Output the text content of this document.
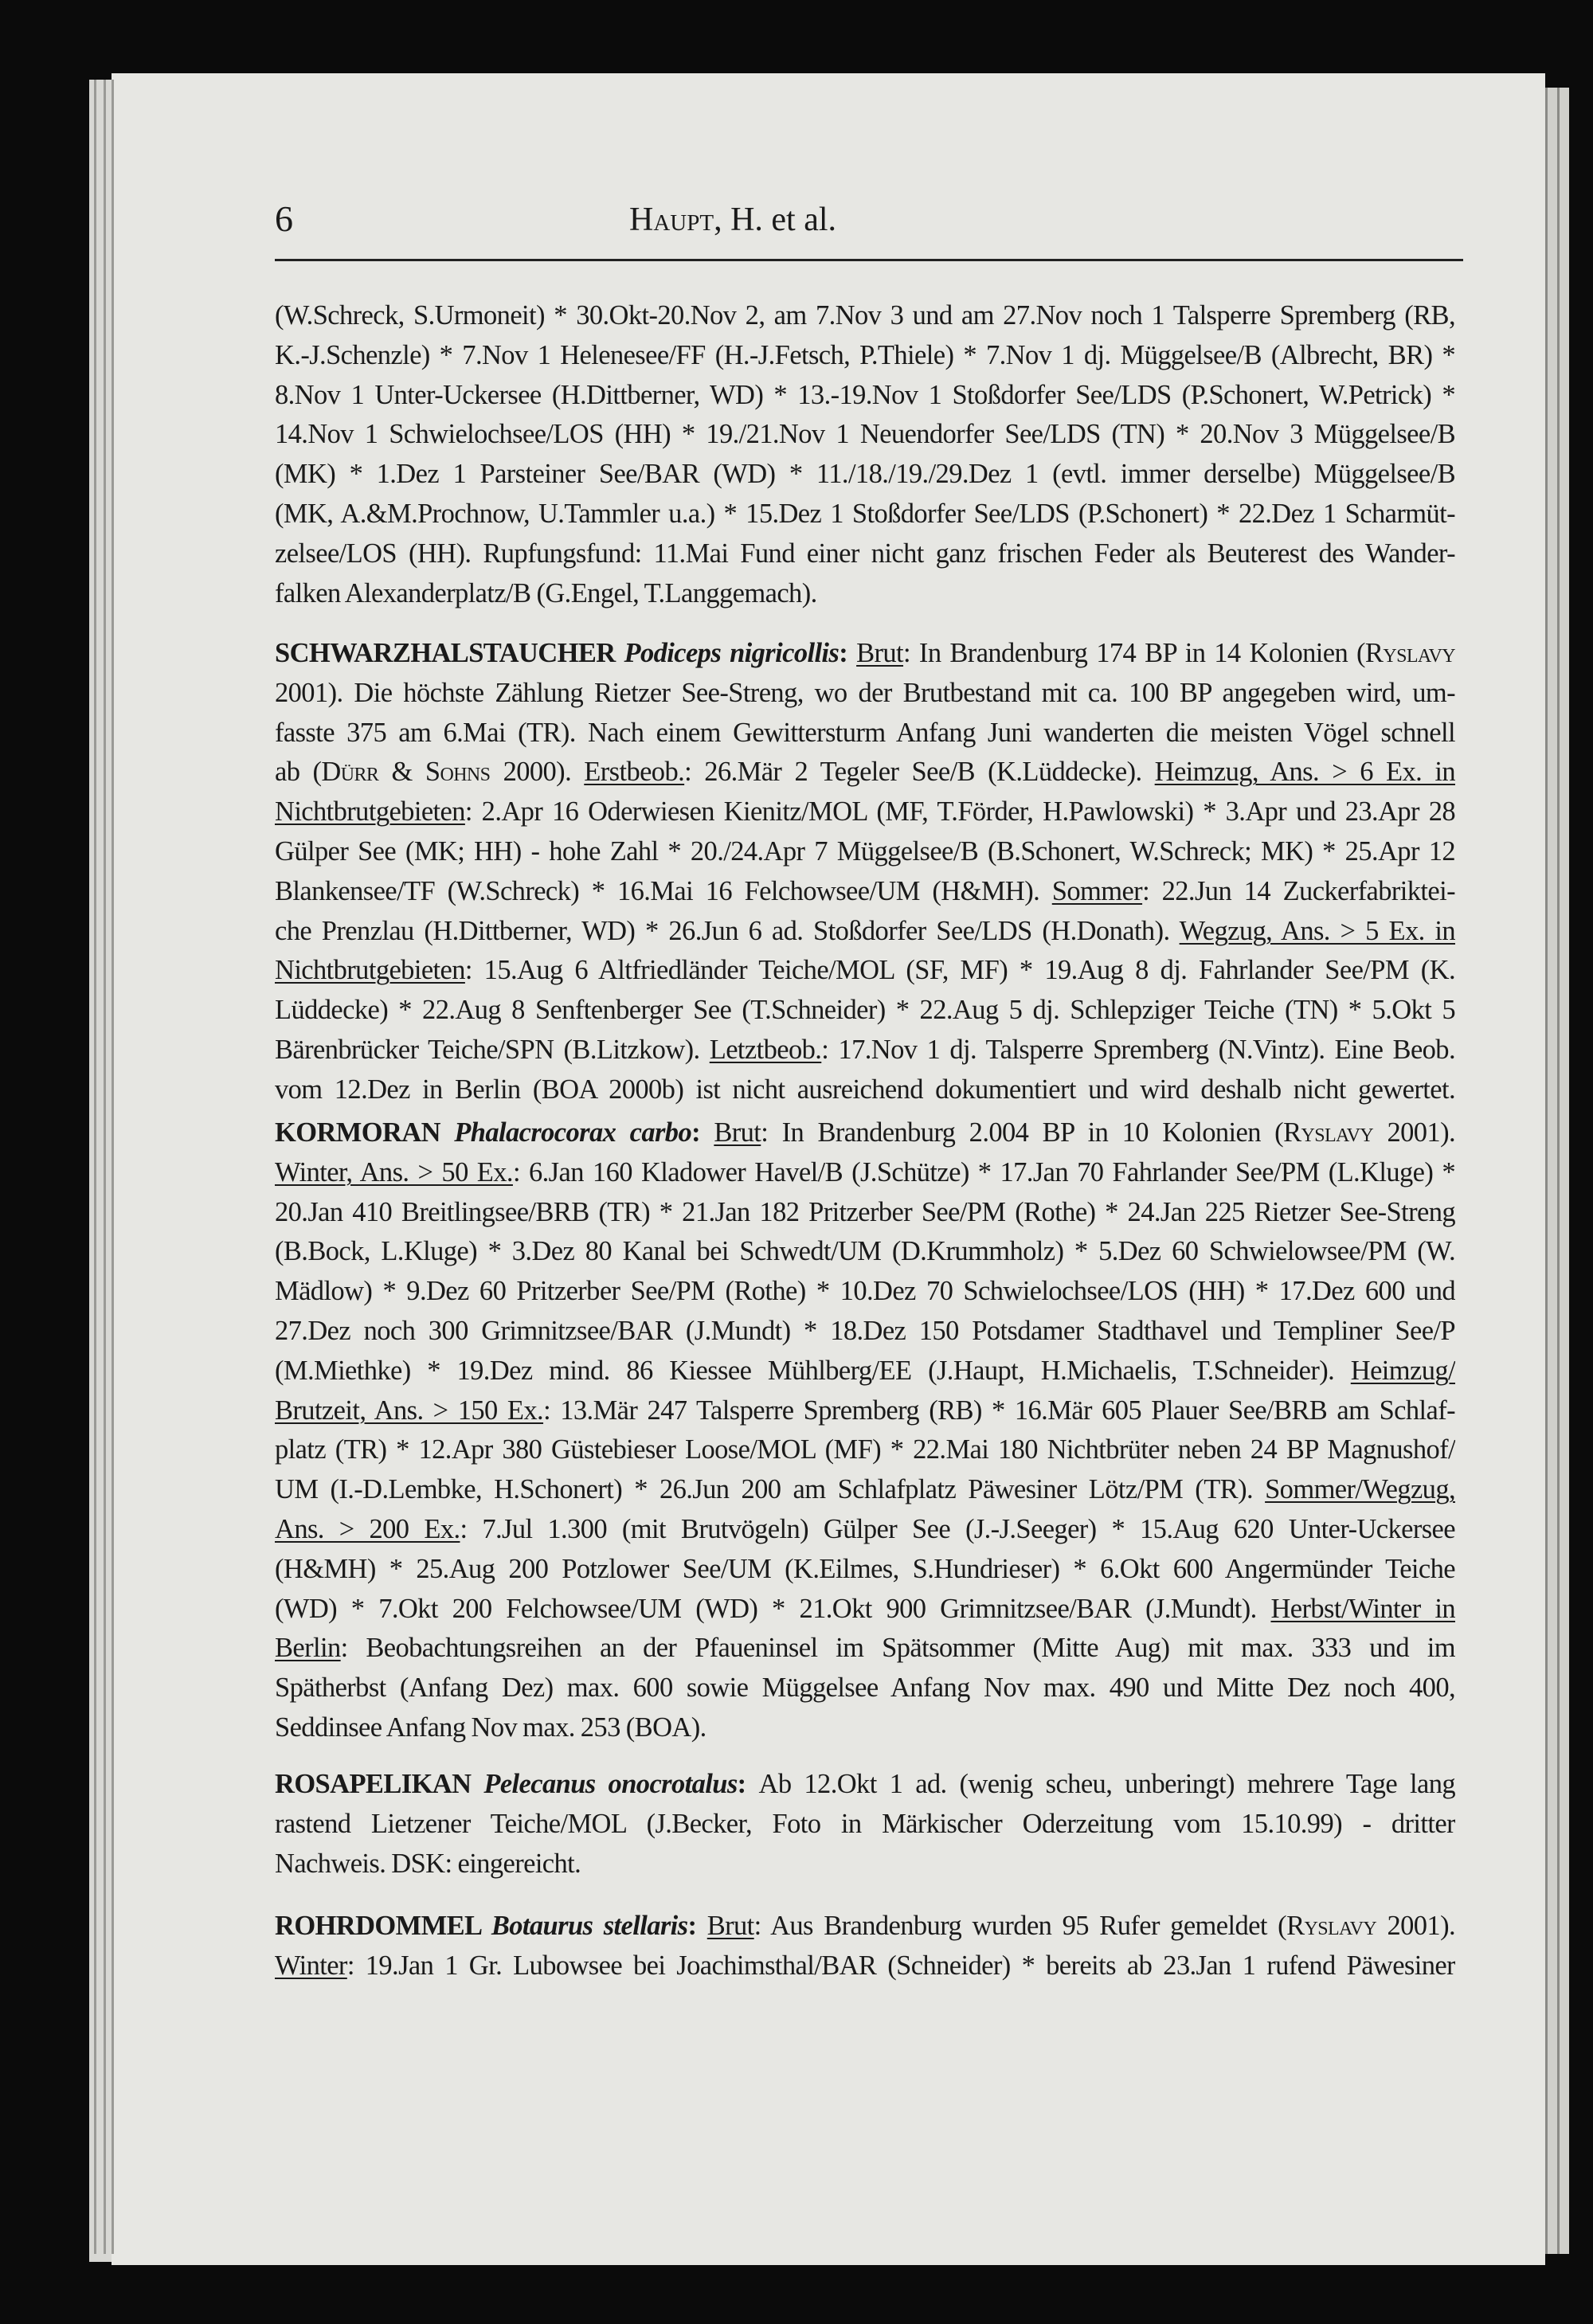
6	Haupt, H. et al.
(W.Schreck, S.Urmoneit) * 30.Okt-20.Nov 2, am 7.Nov 3 und am 27.Nov noch 1 Talsperre Spremberg (RB,
K.-J.Schenzle) * 7.Nov 1 Helenesee/FF (H.-J.Fetsch, P.Thiele) * 7.Nov 1 dj. Müggelsee/B (Albrecht, BR) *
8.Nov 1 Unter-Uckersee (H.Dittberner, WD) * 13.-19.Nov 1 Stoßdorfer See/LDS (P.Schonert, W.Petrick) *
14.Nov 1 Schwielochsee/LOS (HH) * 19./21.Nov 1 Neuendorfer See/LDS (TN) * 20.Nov 3 Müggelsee/B
(MK) * 1.Dez 1 Parsteiner See/BAR (WD) * 11./18./19./29.Dez 1 (evtl. immer derselbe) Müggelsee/B
(MK, A.&M.Prochnow, U.Tammler u.a.) * 15.Dez 1 Stoßdorfer See/LDS (P.Schonert) * 22.Dez 1 Scharmüt-
zelsee/LOS (HH). Rupfungsfund: 11.Mai Fund einer nicht ganz frischen Feder als Beuterest des Wander-
falken Alexanderplatz/B (G.Engel, T.Langgemach).
SCHWARZHALSTAUCHER Podiceps nigricollis: Brut: In Brandenburg 174 BP in 14 Kolonien (Ryslavy
2001). Die höchste Zählung Rietzer See-Streng, wo der Brutbestand mit ca. 100 BP angegeben wird, um-
fasste 375 am 6.Mai (TR). Nach einem Gewittersturm Anfang Juni wanderten die meisten Vögel schnell
ab (Dürr & Sohns 2000). Erstbeob.: 26.Mär 2 Tegeler See/B (K.Lüddecke). Heimzug, Ans. > 6 Ex. in
Nichtbrutgebieten: 2.Apr 16 Oderwiesen Kienitz/MOL (MF, T.Förder, H.Pawlowski) * 3.Apr und 23.Apr 28
Gülper See (MK; HH) - hohe Zahl * 20./24.Apr 7 Müggelsee/B (B.Schonert, W.Schreck; MK) * 25.Apr 12
Blankensee/TF (W.Schreck) * 16.Mai 16 Felchowsee/UM (H&MH). Sommer: 22.Jun 14 Zuckerfabriktei-
che Prenzlau (H.Dittberner, WD) * 26.Jun 6 ad. Stoßdorfer See/LDS (H.Donath). Wegzug, Ans. > 5 Ex. in
Nichtbrutgebieten: 15.Aug 6 Altfriedländer Teiche/MOL (SF, MF) * 19.Aug 8 dj. Fahrlander See/PM (K.
Lüddecke) * 22.Aug 8 Senftenberger See (T.Schneider) * 22.Aug 5 dj. Schlepziger Teiche (TN) * 5.Okt 5
Bärenbrücker Teiche/SPN (B.Litzkow). Letztbeob.: 17.Nov 1 dj. Talsperre Spremberg (N.Vintz). Eine Beob.
vom 12.Dez in Berlin (BOA 2000b) ist nicht ausreichend dokumentiert und wird deshalb nicht gewertet.
KORMORAN Phalacrocorax carbo: Brut: In Brandenburg 2.004 BP in 10 Kolonien (Ryslavy 2001).
Winter, Ans. > 50 Ex.: 6.Jan 160 Kladower Havel/B (J.Schütze) * 17.Jan 70 Fahrlander See/PM (L.Kluge) *
20.Jan 410 Breitlingsee/BRB (TR) * 21.Jan 182 Pritzerber See/PM (Rothe) * 24.Jan 225 Rietzer See-Streng
(B.Bock, L.Kluge) * 3.Dez 80 Kanal bei Schwedt/UM (D.Krummholz) * 5.Dez 60 Schwielowsee/PM (W.
Mädlow) * 9.Dez 60 Pritzerber See/PM (Rothe) * 10.Dez 70 Schwielochsee/LOS (HH) * 17.Dez 600 und
27.Dez noch 300 Grimnitzsee/BAR (J.Mundt) * 18.Dez 150 Potsdamer Stadthavel und Templiner See/P
(M.Miethke) * 19.Dez mind. 86 Kiessee Mühlberg/EE (J.Haupt, H.Michaelis, T.Schneider). Heimzug/
Brutzeit, Ans. > 150 Ex.: 13.Mär 247 Talsperre Spremberg (RB) * 16.Mär 605 Plauer See/BRB am Schlaf-
platz (TR) * 12.Apr 380 Güstebieser Loose/MOL (MF) * 22.Mai 180 Nichtbrüter neben 24 BP Magnushof/
UM (I.-D.Lembke, H.Schonert) * 26.Jun 200 am Schlafplatz Päwesiner Lötz/PM (TR). Sommer/Wegzug,
Ans. > 200 Ex.: 7.Jul 1.300 (mit Brutvögeln) Gülper See (J.-J.Seeger) * 15.Aug 620 Unter-Uckersee
(H&MH) * 25.Aug 200 Potzlower See/UM (K.Eilmes, S.Hundrieser) * 6.Okt 600 Angermünder Teiche
(WD) * 7.Okt 200 Felchowsee/UM (WD) * 21.Okt 900 Grimnitzsee/BAR (J.Mundt). Herbst/Winter in
Berlin: Beobachtungsreihen an der Pfaueninsel im Spätsommer (Mitte Aug) mit max. 333 und im
Spätherbst (Anfang Dez) max. 600 sowie Müggelsee Anfang Nov max. 490 und Mitte Dez noch 400,
Seddinsee Anfang Nov max. 253 (BOA).
ROSAPELIKAN Pelecanus onocrotalus: Ab 12.Okt 1 ad. (wenig scheu, unberingt) mehrere Tage lang
rastend Lietzener Teiche/MOL (J.Becker, Foto in Märkischer Oderzeitung vom 15.10.99) - dritter
Nachweis. DSK: eingereicht.
ROHRDOMMEL Botaurus stellaris: Brut: Aus Brandenburg wurden 95 Rufer gemeldet (Ryslavy 2001).
Winter: 19.Jan 1 Gr. Lubowsee bei Joachimsthal/BAR (Schneider) * bereits ab 23.Jan 1 rufend Päwesiner
